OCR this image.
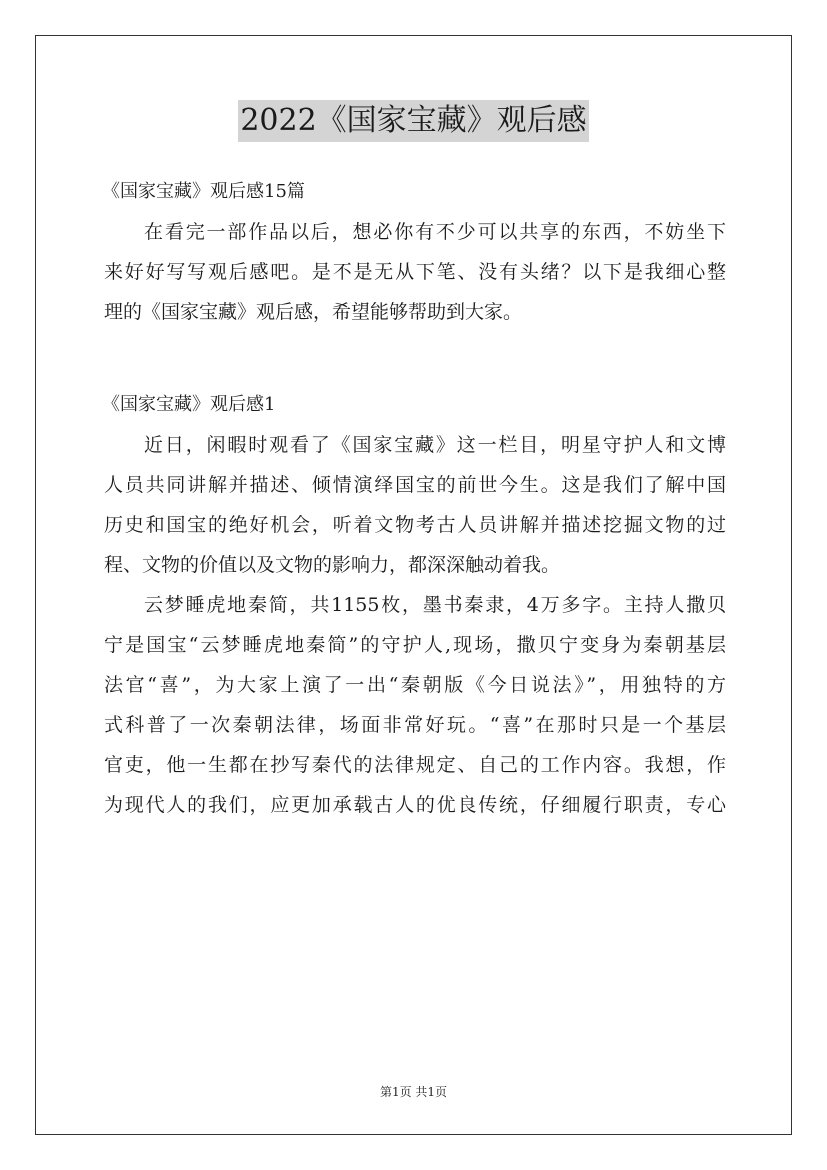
2022《国家宝藏》观后感
《国家宝藏》观后感15篇
在看完一部作品以后，想必你有不少可以共享的东西，不妨坐下
来好好写写观后感吧。是不是无从下笔、没有头绪？以下是我细心整
理的《国家宝藏》观后感，希望能够帮助到大家。
《国家宝藏》观后感1
近日，闲暇时观看了《国家宝藏》这一栏目，明星守护人和文博
人员共同讲解并描述、倾情演绎国宝的前世今生。这是我们了解中国
历史和国宝的绝好机会，听着文物考古人员讲解并描述挖掘文物的过
程、文物的价值以及文物的影响力，都深深触动着我。
云梦睡虎地秦简，共1155枚，墨书秦隶，4万多字。主持人撒贝
宁是国宝“云梦睡虎地秦简”的守护人,现场，撒贝宁变身为秦朝基层
法官“喜”，为大家上演了一出“秦朝版《今日说法》”，用独特的方
式科普了一次秦朝法律，场面非常好玩。“喜”在那时只是一个基层
官吏，他一生都在抄写秦代的法律规定、自己的工作内容。我想，作
为现代人的我们，应更加承载古人的优良传统，仔细履行职责，专心
第1页 共1页
